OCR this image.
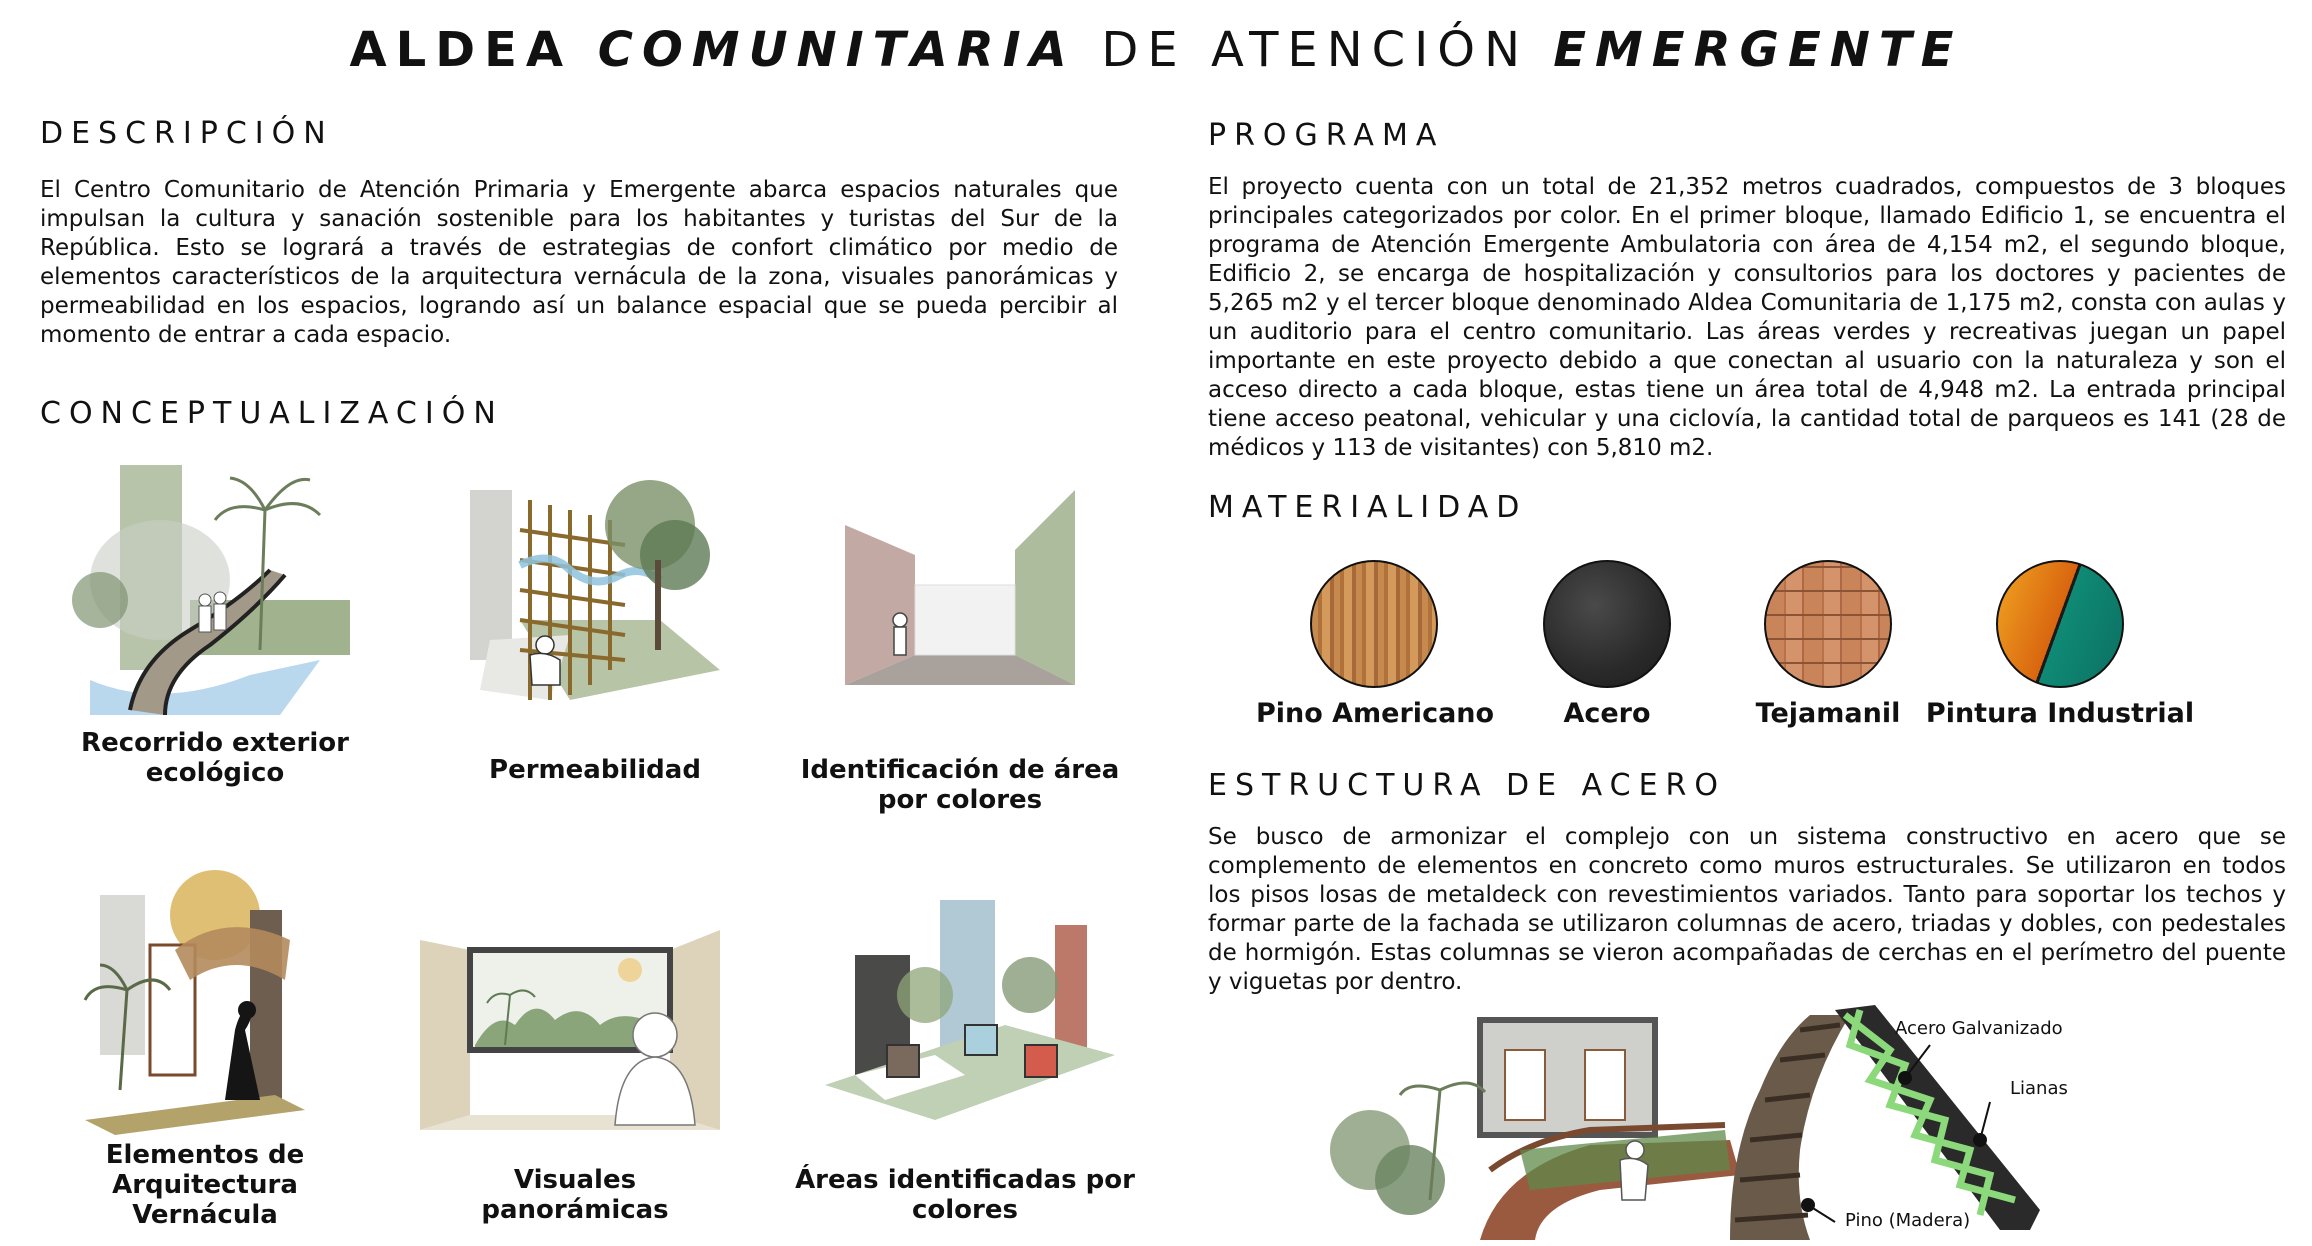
ALDEA COMUNITARIA DE ATENCIÓN EMERGENTE
DESCRIPCIÓN
El Centro Comunitario de Atención Primaria y Emergente abarca espacios naturales que impulsan la cultura y sanación sostenible para los habitantes y turistas del Sur de la República. Esto se logrará a través de estrategias de confort climático por medio de elementos característicos de la arquitectura vernácula de la zona, visuales panorámicas y permeabilidad en los espacios, logrando así un balance espacial que se pueda percibir al momento de entrar a cada espacio.
CONCEPTUALIZACIÓN
Recorrido exterior ecológico	Permeabilidad	Identificación de área por colores
Elementos de Arquitectura Vernácula
Visuales panorámicas
Áreas identificadas por colores
PROGRAMA
El proyecto cuenta con un total de 21,352 metros cuadrados, compuestos de 3 bloques principales categorizados por color. En el primer bloque, llamado Edificio 1, se encuentra el programa de Atención Emergente Ambulatoria con área de 4,154 m2, el segundo bloque, Edificio 2, se encarga de hospitalización y consultorios para los doctores y pacientes de 5,265 m2 y el tercer bloque denominado Aldea Comunitaria de 1,175 m2, consta con aulas y un auditorio para el centro comunitario. Las áreas verdes y recreativas juegan un papel importante en este proyecto debido a que conectan al usuario con la naturaleza y son el acceso directo a cada bloque, estas tiene un área total de 4,948 m2. La entrada principal tiene acceso peatonal, vehicular y una ciclovía, la cantidad total de parqueos es 141 (28 de médicos y 113 de visitantes) con 5,810 m2.
MATERIALIDAD
Pino Americano	Acero	Tejamanil Pintura Industrial
ESTRUCTURA DE ACERO
Se busco de armonizar el complejo con un sistema constructivo en acero que se complemento de elementos en concreto como muros estructurales. Se utilizaron en todos los pisos losas de metaldeck con revestimientos variados. Tanto para soportar los techos y formar parte de la fachada se utilizaron columnas de acero, triadas y dobles, con pedestales de hormigón. Estas columnas se vieron acompañadas de cerchas en el perímetro del puente y viguetas por dentro.
Acero Galvanizado
Lianas
Pino (Madera)
